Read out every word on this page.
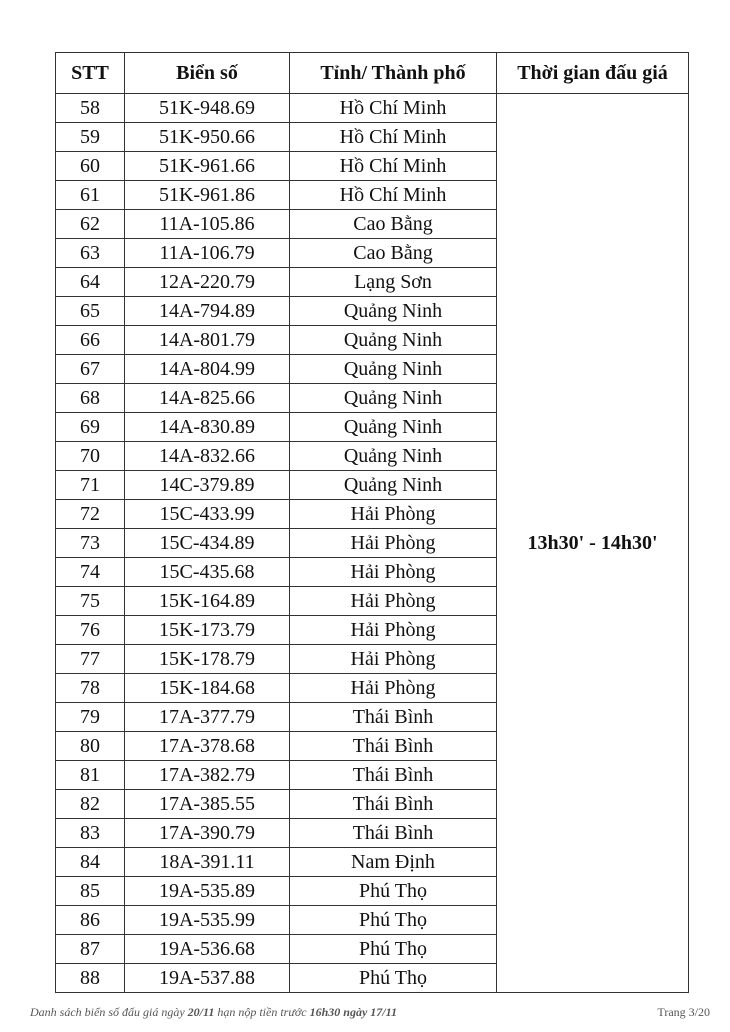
STT	Biển số	Tỉnh/ Thành phố	Thời gian đấu giá
58	51K-948.69	Hồ Chí Minh	13h30' - 14h30'
59	51K-950.66	Hồ Chí Minh	
60	51K-961.66	Hồ Chí Minh	
61	51K-961.86	Hồ Chí Minh	
62	11A-105.86	Cao Bằng	
63	11A-106.79	Cao Bằng	
64	12A-220.79	Lạng Sơn	
65	14A-794.89	Quảng Ninh	
66	14A-801.79	Quảng Ninh	
67	14A-804.99	Quảng Ninh	
68	14A-825.66	Quảng Ninh	
69	14A-830.89	Quảng Ninh	
70	14A-832.66	Quảng Ninh	
71	14C-379.89	Quảng Ninh	
72	15C-433.99	Hải Phòng	
73	15C-434.89	Hải Phòng	
74	15C-435.68	Hải Phòng	
75	15K-164.89	Hải Phòng	
76	15K-173.79	Hải Phòng	
77	15K-178.79	Hải Phòng	
78	15K-184.68	Hải Phòng	
79	17A-377.79	Thái Bình	
80	17A-378.68	Thái Bình	
81	17A-382.79	Thái Bình	
82	17A-385.55	Thái Bình	
83	17A-390.79	Thái Bình	
84	18A-391.11	Nam Định	
85	19A-535.89	Phú Thọ	
86	19A-535.99	Phú Thọ	
87	19A-536.68	Phú Thọ	
88	19A-537.88	Phú Thọ	
Danh sách biển số đấu giá ngày 20/11 hạn nộp tiền trước 16h30 ngày 17/11	Trang 3/20
